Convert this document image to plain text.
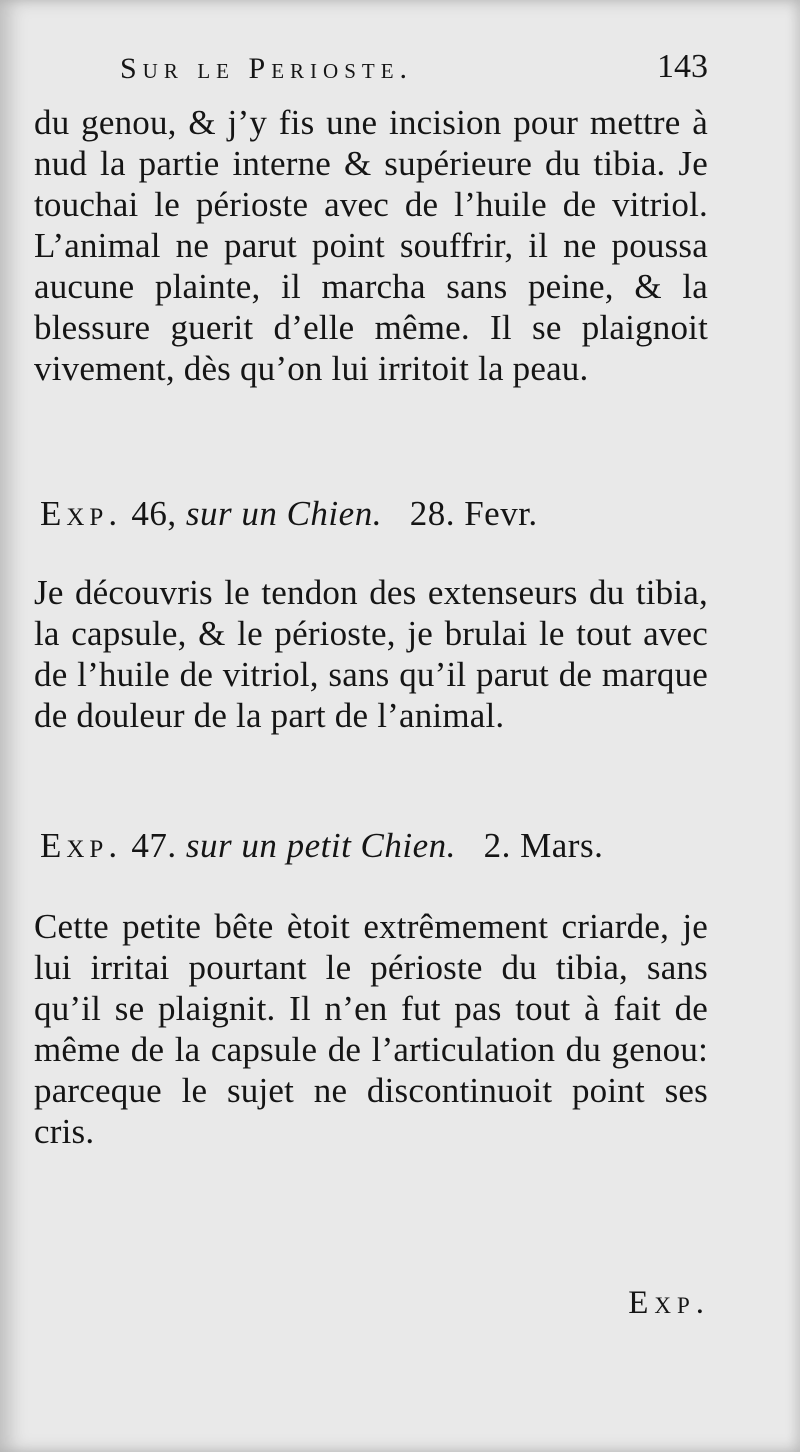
Sur le Perioste.	143

du genou, & j’y fis une incision pour mettre à nud la partie interne & supérieure du tibia. Je touchai le périoste avec de l’huile de vitriol. L’animal ne parut point souffrir, il ne poussa aucune plainte, il marcha sans peine, & la blessure guerit d’elle même. Il se plaignoit vivement, dès qu’on lui irritoit la peau.

Exp. 46, sur un Chien. 28. Fevr.

Je découvris le tendon des extenseurs du tibia, la capsule, & le périoste, je brulai le tout avec de l’huile de vitriol, sans qu’il parut de marque de douleur de la part de l’animal.

Exp. 47. sur un petit Chien. 2. Mars.

Cette petite bête ètoit extrêmement criarde, je lui irritai pourtant le périoste du tibia, sans qu’il se plaignit. Il n’en fut pas tout à fait de même de la capsule de l’articulation du genou: parceque le sujet ne discontinuoit point ses cris.

Exp.
